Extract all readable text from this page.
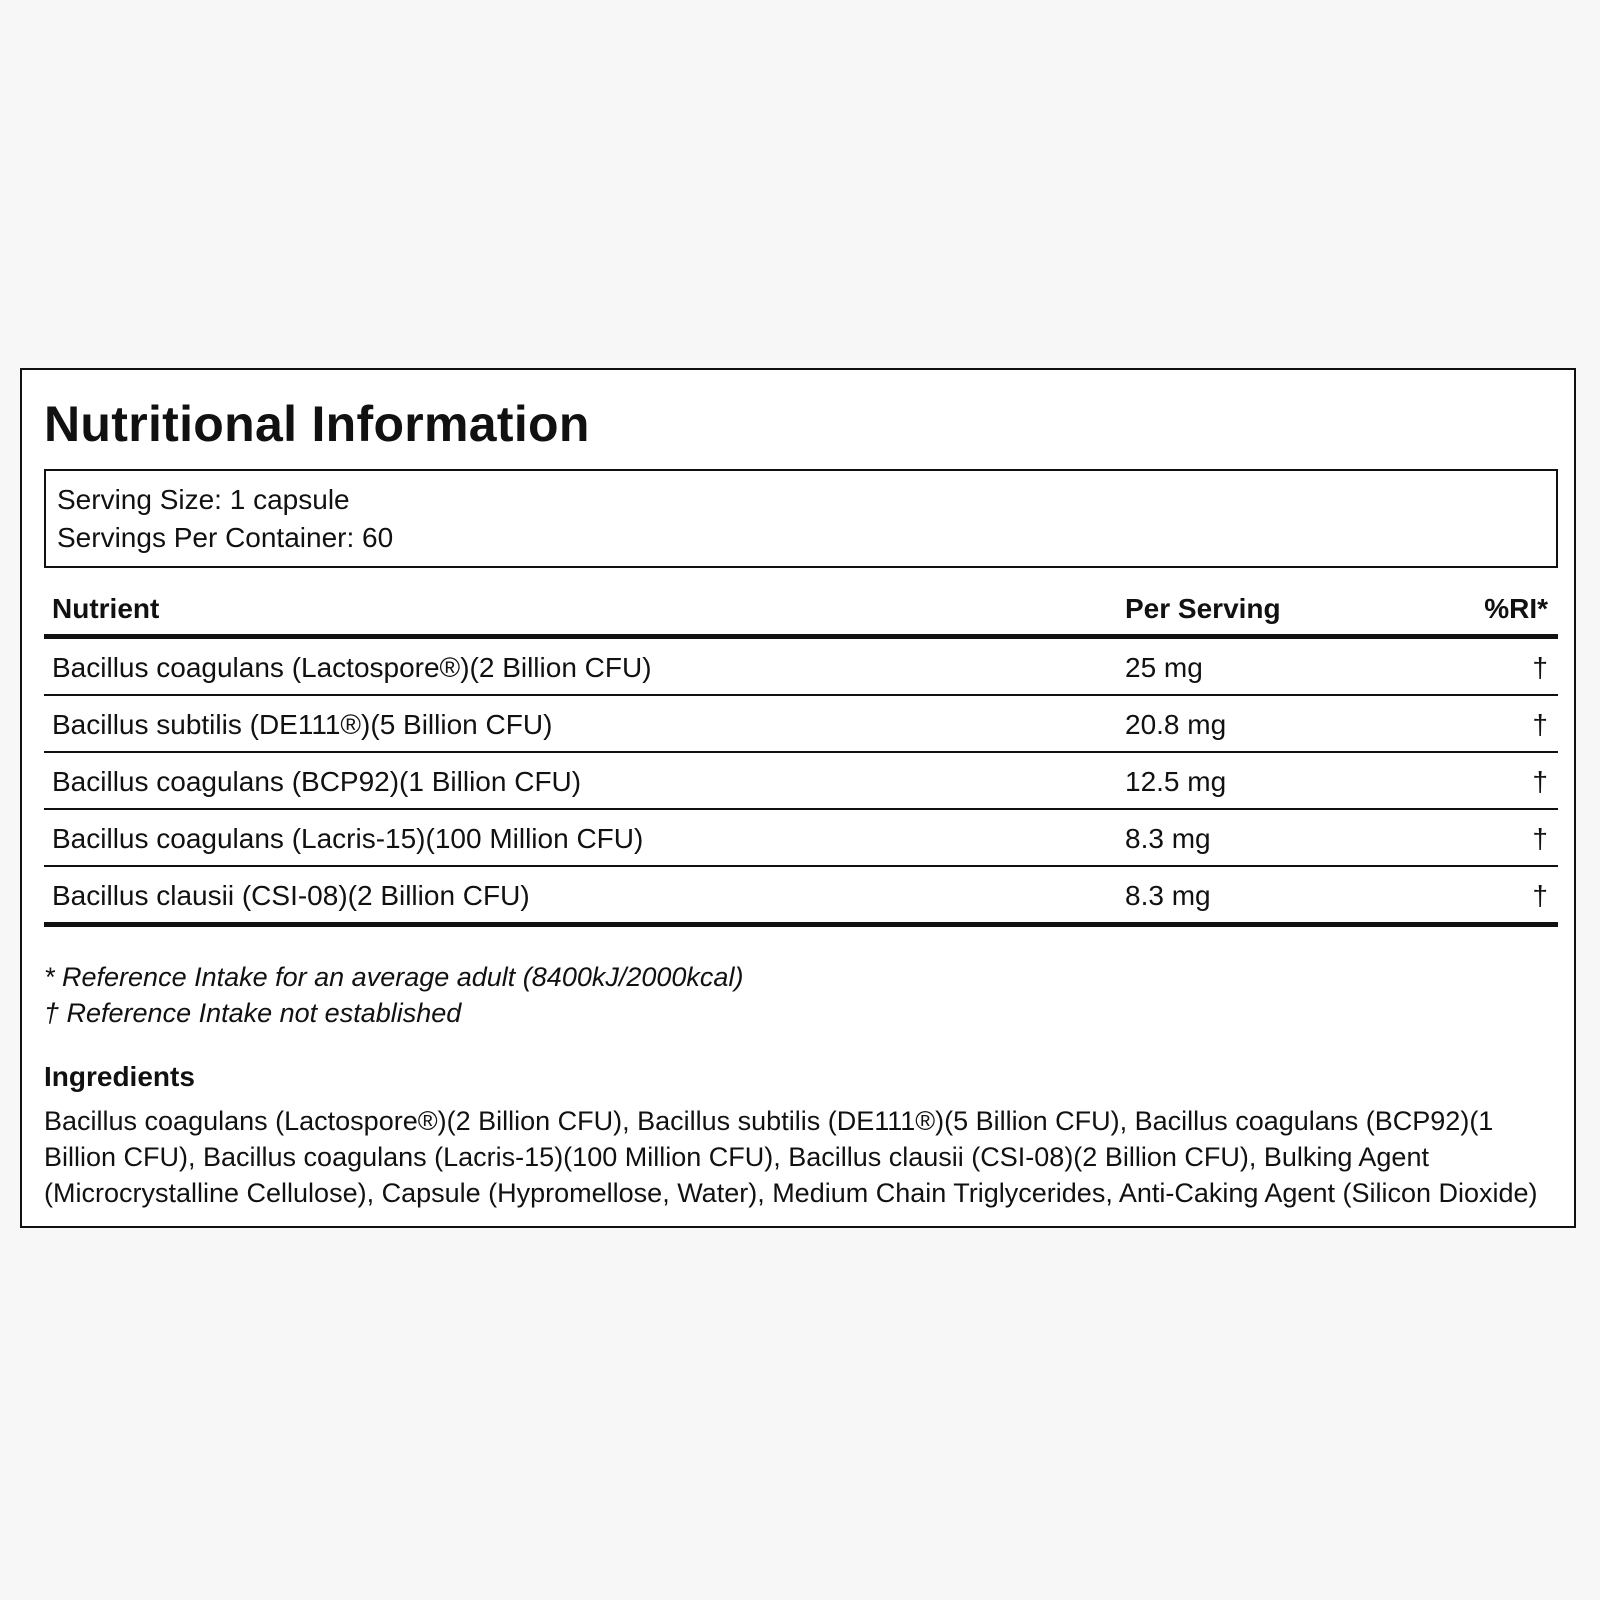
Nutritional Information
Serving Size: 1 capsule
Servings Per Container: 60
Nutrient	Per Serving	%RI*
Bacillus coagulans (Lactospore®)(2 Billion CFU)	25 mg	†
Bacillus subtilis (DE111®)(5 Billion CFU)	20.8 mg	†
Bacillus coagulans (BCP92)(1 Billion CFU)	12.5 mg	†
Bacillus coagulans (Lacris-15)(100 Million CFU)	8.3 mg	†
Bacillus clausii (CSI-08)(2 Billion CFU)	8.3 mg	†
* Reference Intake for an average adult (8400kJ/2000kcal)
† Reference Intake not established
Ingredients

Bacillus coagulans (Lactospore®)(2 Billion CFU), Bacillus subtilis (DE111®)(5 Billion CFU), Bacillus coagulans (BCP92)(1 Billion CFU), Bacillus coagulans (Lacris-15)(100 Million CFU), Bacillus clausii (CSI-08)(2 Billion CFU), Bulking Agent (Microcrystalline Cellulose), Capsule (Hypromellose, Water), Medium Chain Triglycerides, Anti-Caking Agent (Silicon Dioxide)
